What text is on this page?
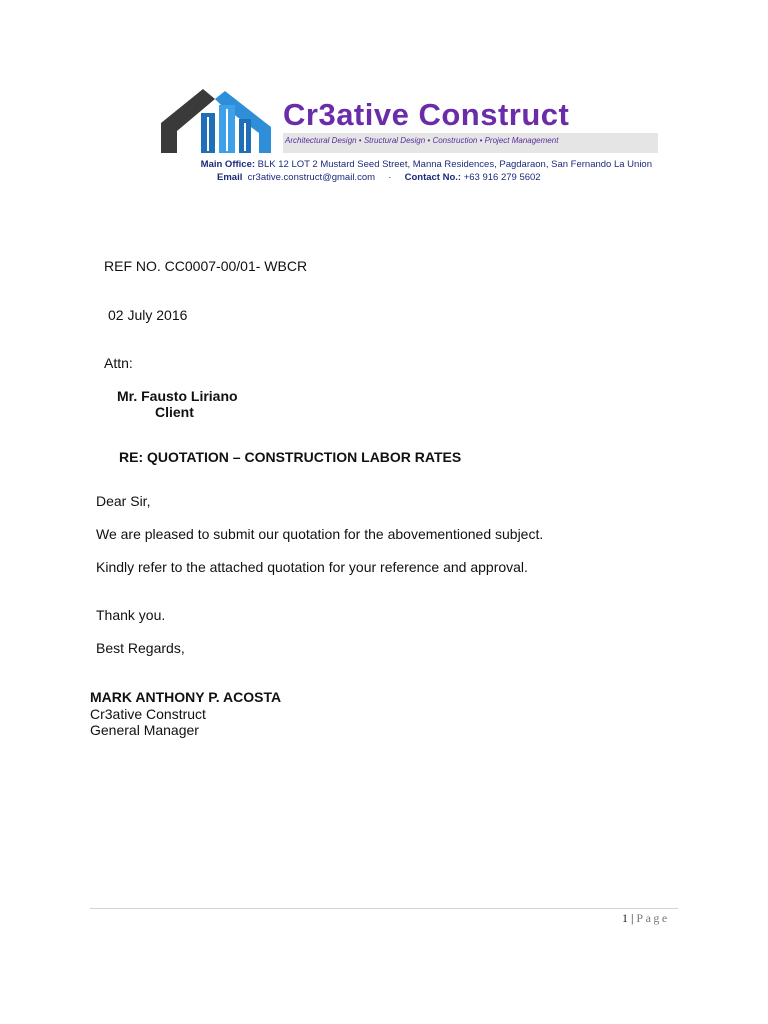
Cr3ative Construct
Architectural Design • Structural Design • Construction • Project Management
Main Office: BLK 12 LOT 2 Mustard Seed Street, Manna Residences, Pagdaraon, San Fernando La Union
Email cr3ative.construct@gmail.com · Contact No.: +63 916 279 5602
REF NO. CC0007-00/01- WBCR
02 July 2016
Attn:
Mr. Fausto Liriano
Client
RE: QUOTATION – CONSTRUCTION LABOR RATES
Dear Sir,
We are pleased to submit our quotation for the abovementioned subject.
Kindly refer to the attached quotation for your reference and approval.
Thank you.
Best Regards,
MARK ANTHONY P. ACOSTA
Cr3ative Construct
General Manager
1 | Page
